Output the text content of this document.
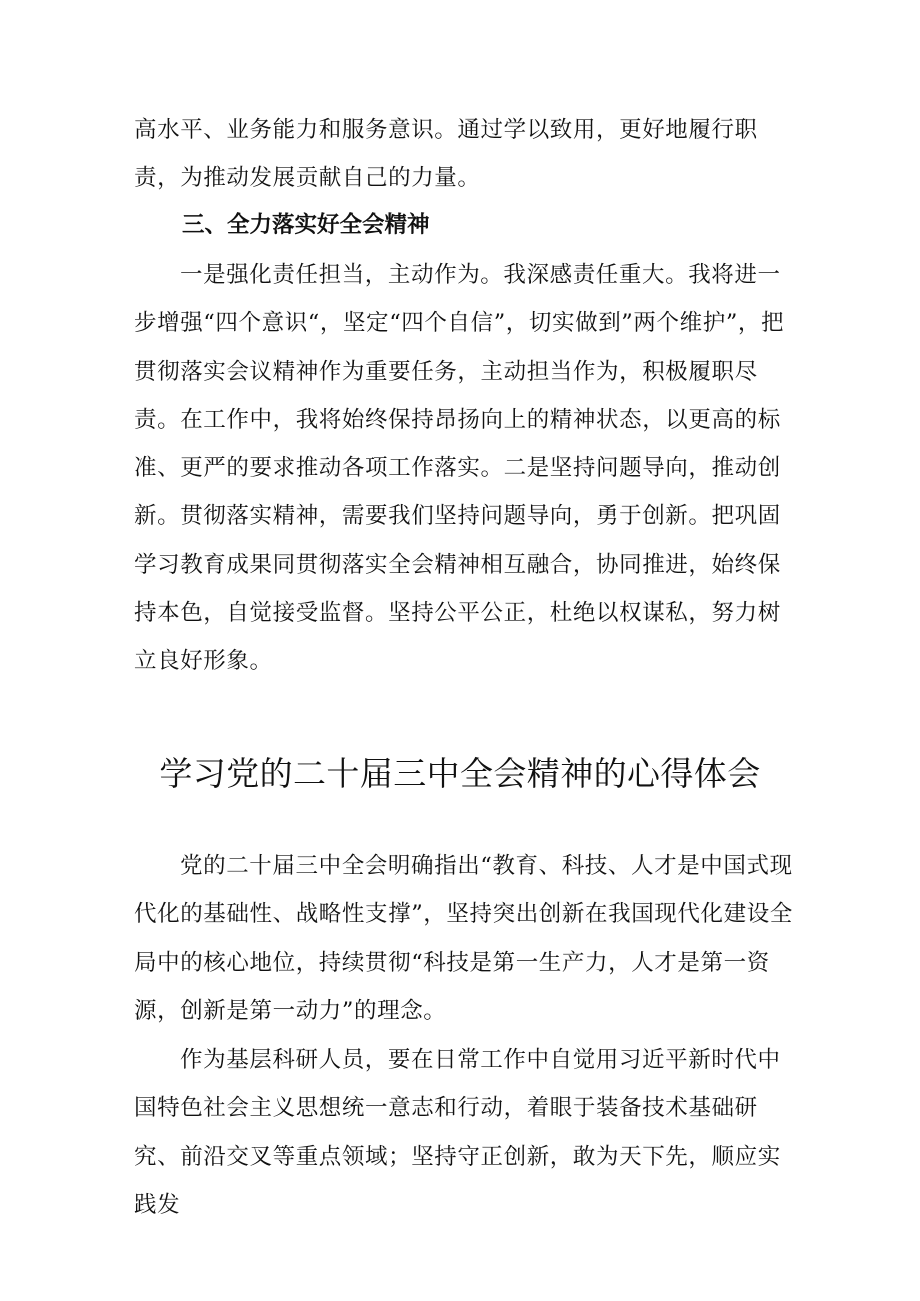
高水平、业务能力和服务意识。通过学以致用，更好地履行职责，为推动发展贡献自己的力量。

三、全力落实好全会精神

一是强化责任担当，主动作为。我深感责任重大。我将进一步增强“四个意识“，坚定“四个自信”，切实做到”两个维护”，把贯彻落实会议精神作为重要任务，主动担当作为，积极履职尽责。在工作中，我将始终保持昂扬向上的精神状态，以更高的标准、更严的要求推动各项工作落实。二是坚持问题导向，推动创新。贯彻落实精神，需要我们坚持问题导向，勇于创新。把巩固学习教育成果同贯彻落实全会精神相互融合，协同推进，始终保持本色，自觉接受监督。坚持公平公正，杜绝以权谋私，努力树立良好形象。

学习党的二十届三中全会精神的心得体会

党的二十届三中全会明确指出“教育、科技、人才是中国式现代化的基础性、战略性支撑”，坚持突出创新在我国现代化建设全局中的核心地位，持续贯彻“科技是第一生产力，人才是第一资源，创新是第一动力”的理念。

作为基层科研人员，要在日常工作中自觉用习近平新时代中国特色社会主义思想统一意志和行动，着眼于装备技术基础研究、前沿交叉等重点领域；坚持守正创新，敢为天下先，顺应实践发
